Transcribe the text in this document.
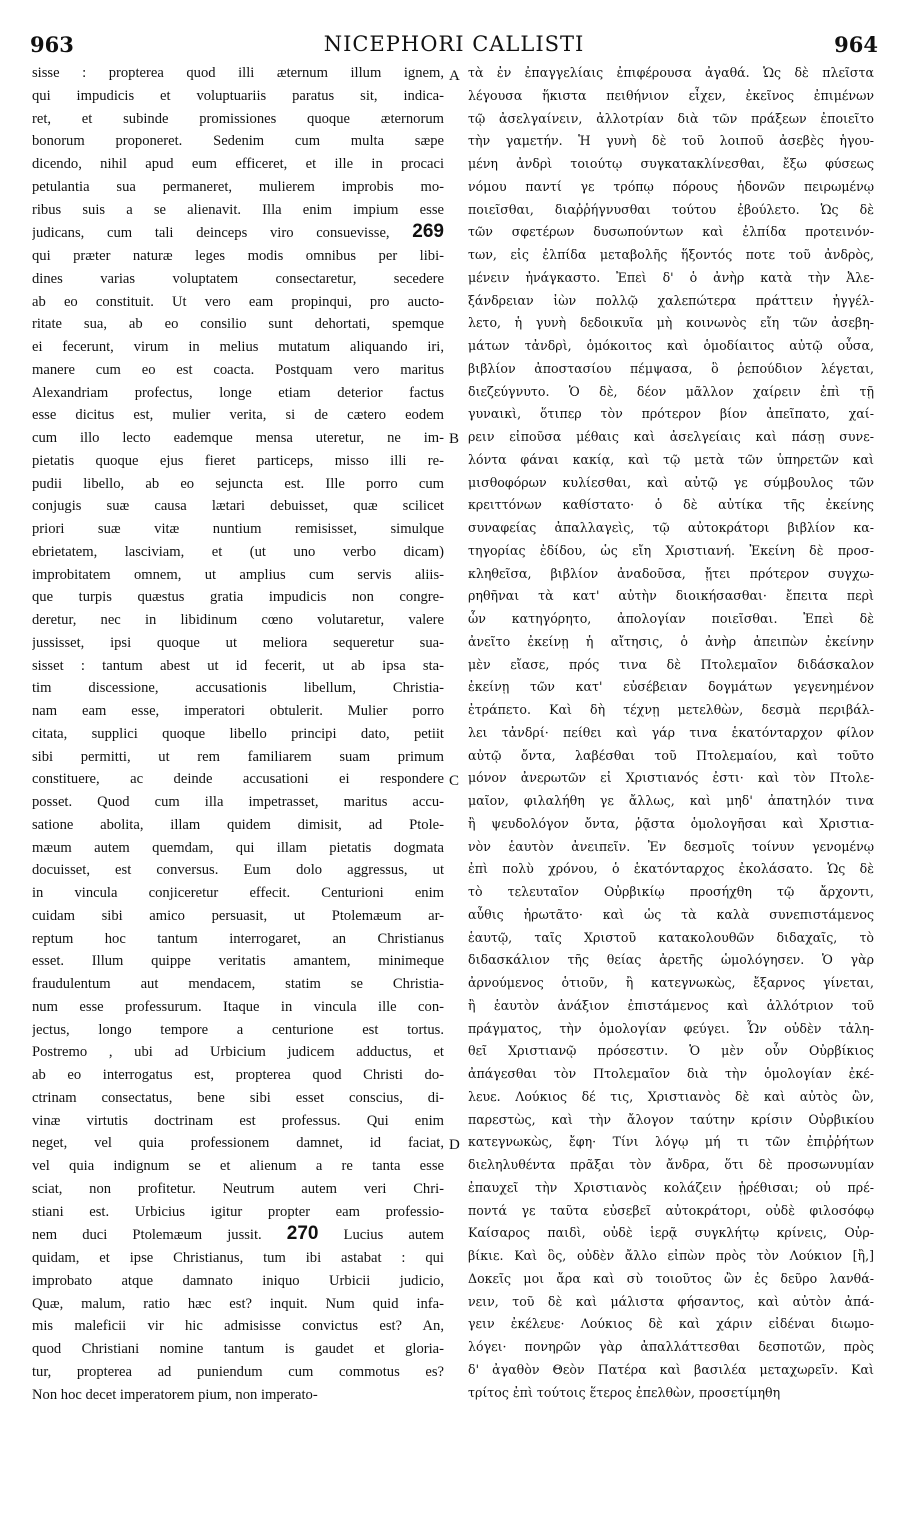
963	NICEPHORI CALLISTI	964
sisse : propterea quod illi æternum illum ignem,
qui impudicis et voluptuariis paratus sit, indica-
ret, et subinde promissiones quoque æternorum
bonorum proponeret. Sedenim cum multa sæpe
dicendo, nihil apud eum efficeret, et ille in procaci
petulantia sua permaneret, mulierem improbis mo-
ribus suis a se alienavit. Illa enim impium esse
judicans, cum tali deinceps viro consuevisse, 269
qui præter naturæ leges modis omnibus per libi-
dines varias voluptatem consectaretur, secedere
ab eo constituit. Ut vero eam propinqui, pro aucto-
ritate sua, ab eo consilio sunt dehortati, spemque
ei fecerunt, virum in melius mutatum aliquando iri,
manere cum eo est coacta. Postquam vero maritus
Alexandriam profectus, longe etiam deterior factus
esse dicitus est, mulier verita, si de cætero eodem
cum illo lecto eademque mensa uteretur, ne im-
pietatis quoque ejus fieret particeps, misso illi re-
pudii libello, ab eo sejuncta est. Ille porro cum
conjugis suæ causa lætari debuisset, quæ scilicet
priori suæ vitæ nuntium remisisset, simulque
ebrietatem, lasciviam, et (ut uno verbo dicam)
improbitatem omnem, ut amplius cum servis aliis-
que turpis quæstus gratia impudicis non congre-
deretur, nec in libidinum cœno volutaretur, valere
jussisset, ipsi quoque ut meliora sequeretur sua-
sisset : tantum abest ut id fecerit, ut ab ipsa sta-
tim discessione, accusationis libellum, Christia-
nam eam esse, imperatori obtulerit. Mulier porro
citata, supplici quoque libello principi dato, petiit
sibi permitti, ut rem familiarem suam primum
constituere, ac deinde accusationi ei respondere
posset. Quod cum illa impetrasset, maritus accu-
satione abolita, illam quidem dimisit, ad Ptole-
mæum autem quemdam, qui illam pietatis dogmata
docuisset, est conversus. Eum dolo aggressus, ut
in vincula conjiceretur effecit. Centurioni enim
cuidam sibi amico persuasit, ut Ptolemæum ar-
reptum hoc tantum interrogaret, an Christianus
esset. Illum quippe veritatis amantem, minimeque
fraudulentum aut mendacem, statim se Christia-
num esse professurum. Itaque in vincula ille con-
jectus, longo tempore a centurione est tortus.
Postremo , ubi ad Urbicium judicem adductus, et
ab eo interrogatus est, propterea quod Christi do-
ctrinam consectatus, bene sibi esset conscius, di-
vinæ virtutis doctrinam est professus. Qui enim
neget, vel quia professionem damnet, id faciat,
vel quia indignum se et alienum a re tanta esse
sciat, non profitetur. Neutrum autem veri Chri-
stiani est. Urbicius igitur propter eam professio-
nem duci Ptolemæum jussit. 270 Lucius autem
quidam, et ipse Christianus, tum ibi astabat : qui
improbato atque damnato iniquo Urbicii judicio,
Quæ, malum, ratio hæc est? inquit. Num quid infa-
mis maleficii vir hic admisisse convictus est? An,
quod Christiani nomine tantum is gaudet et gloria-
tur, propterea ad puniendum cum commotus es?
Non hoc decet imperatorem pium, non imperato-
τὰ ἐν ἐπαγγελίαις ἐπιφέρουσα ἀγαθά. Ὡς δὲ πλεῖστα
λέγουσα ἥκιστα πειθήνιον εἶχεν, ἐκεῖνος ἐπιμένων
τῷ ἀσελγαίνειν, ἀλλοτρίαν διὰ τῶν πράξεων ἐποιεῖτο
τὴν γαμετήν. Ἡ γυνὴ δὲ τοῦ λοιποῦ ἀσεβὲς ἡγου-
μένη ἀνδρὶ τοιούτῳ συγκατακλίνεσθαι, ἔξω φύσεως
νόμου παντί γε τρόπῳ πόρους ἡδονῶν πειρωμένῳ
ποιεῖσθαι, διαῤῥήγνυσθαι τούτου ἐβούλετο. Ὡς δὲ
τῶν σφετέρων δυσωπούντων καὶ ἐλπίδα προτεινόν-
των, εἰς ἐλπίδα μεταβολῆς ἥξοντός ποτε τοῦ ἀνδρὸς,
μένειν ἠνάγκαστο. Ἐπεὶ δ' ὁ ἀνὴρ κατὰ τὴν Ἀλε-
ξάνδρειαν ἰὼν πολλῷ χαλεπώτερα πράττειν ἠγγέλ-
λετο, ἡ γυνὴ δεδοικυῖα μὴ κοινωνὸς εἴη τῶν ἀσεβη-
μάτων τἀνδρὶ, ὁμόκοιτος καὶ ὁμοδίαιτος αὐτῷ οὖσα,
βιβλίον ἀποστασίου πέμψασα, ὃ ῥεπούδιον λέγεται,
διεζεύγνυτο. Ὁ δὲ, δέον μᾶλλον χαίρειν ἐπὶ τῇ
γυναικὶ, ὅτιπερ τὸν πρότερον βίον ἀπεῖπατο, χαί-
ρειν εἰποῦσα μέθαις καὶ ἀσελγείαις καὶ πάσῃ συνε-
λόντα φάναι κακίᾳ, καὶ τῷ μετὰ τῶν ὑπηρετῶν καὶ
μισθοφόρων κυλίεσθαι, καὶ αὐτῷ γε σύμβουλος τῶν
κρειττόνων καθίστατο· ὁ δὲ αὐτίκα τῆς ἐκείνης
συναφείας ἀπαλλαγεὶς, τῷ αὐτοκράτορι βιβλίον κα-
τηγορίας ἐδίδου, ὡς εἴη Χριστιανή. Ἐκείνη δὲ προσ-
κληθεῖσα, βιβλίον ἀναδοῦσα, ᾔτει πρότερον συγχω-
ρηθῆναι τὰ κατ' αὐτὴν διοικήσασθαι· ἔπειτα περὶ
ὧν κατηγόρητο, ἀπολογίαν ποιεῖσθαι. Ἐπεὶ δὲ
ἀνεῖτο ἐκείνῃ ἡ αἴτησις, ὁ ἀνὴρ ἀπειπὼν ἐκείνην
μὲν εἴασε, πρός τινα δὲ Πτολεμαῖον διδάσκαλον
ἐκείνῃ τῶν κατ' εὐσέβειαν δογμάτων γεγενημένον
ἐτράπετο. Καὶ δὴ τέχνῃ μετελθὼν, δεσμὰ περιβάλ-
λει τἀνδρί· πείθει καὶ γάρ τινα ἑκατόνταρχον φίλον
αὐτῷ ὄντα, λαβέσθαι τοῦ Πτολεμαίου, καὶ τοῦτο
μόνον ἀνερωτῶν εἰ Χριστιανός ἐστι· καὶ τὸν Πτολε-
μαῖον, φιλαλήθη γε ἄλλως, καὶ μηδ' ἀπατηλόν τινα
ἢ ψευδολόγον ὄντα, ῥᾷστα ὁμολογῆσαι καὶ Χριστια-
νὸν ἑαυτὸν ἀνειπεῖν. Ἐν δεσμοῖς τοίνυν γενομένῳ
ἐπὶ πολὺ χρόνου, ὁ ἑκατόνταρχος ἐκολάσατο. Ὡς δὲ
τὸ τελευταῖον Οὐρβικίῳ προσήχθη τῷ ἄρχοντι,
αὖθις ἠρωτᾶτο· καὶ ὡς τὰ καλὰ συνεπιστάμενος
ἑαυτῷ, ταῖς Χριστοῦ κατακολουθῶν διδαχαῖς, τὸ
διδασκάλιον τῆς θείας ἀρετῆς ὡμολόγησεν. Ὁ γὰρ
ἀρνούμενος ὁτιοῦν, ἢ κατεγνωκὼς, ἔξαρνος γίνεται,
ἢ ἑαυτὸν ἀνάξιον ἐπιστάμενος καὶ ἀλλότριον τοῦ
πράγματος, τὴν ὁμολογίαν φεύγει. Ὧν οὐδὲν τἀλη-
θεῖ Χριστιανῷ πρόσεστιν. Ὁ μὲν οὖν Οὐρβίκιος
ἀπάγεσθαι τὸν Πτολεμαῖον διὰ τὴν ὁμολογίαν ἐκέ-
λευε. Λούκιος δέ τις, Χριστιανὸς δὲ καὶ αὐτὸς ὢν,
παρεστὼς, καὶ τὴν ἄλογον ταύτην κρίσιν Οὐρβικίου
κατεγνωκὼς, ἔφη· Τίνι λόγῳ μή τι τῶν ἐπιῤῥήτων
διεληλυθέντα πρᾶξαι τὸν ἄνδρα, ὅτι δὲ προσωνυμίαν
ἐπαυχεῖ τὴν Χριστιανὸς κολάζειν ᾑρέθισαι; οὐ πρέ-
ποντά γε ταῦτα εὐσεβεῖ αὐτοκράτορι, οὐδὲ φιλοσόφῳ
Καίσαρος παιδὶ, οὐδὲ ἱερᾷ συγκλήτῳ κρίνεις, Οὐρ-
βίκιε. Καὶ ὃς, οὐδὲν ἄλλο εἰπὼν πρὸς τὸν Λούκιον [ἢ,]
Δοκεῖς μοι ἄρα καὶ σὺ τοιοῦτος ὢν ἐς δεῦρο λανθά-
νειν, τοῦ δὲ καὶ μάλιστα φήσαντος, καὶ αὐτὸν ἀπά-
γειν ἐκέλευε· Λούκιος δὲ καὶ χάριν εἰδέναι διωμο-
λόγει· πονηρῶν γὰρ ἀπαλλάττεσθαι δεσποτῶν, πρὸς
δ' ἀγαθὸν Θεὸν Πατέρα καὶ βασιλέα μεταχωρεῖν. Καὶ
τρίτος ἐπὶ τούτοις ἕτερος ἐπελθὼν, προσετίμηθη
A
B
C
D
